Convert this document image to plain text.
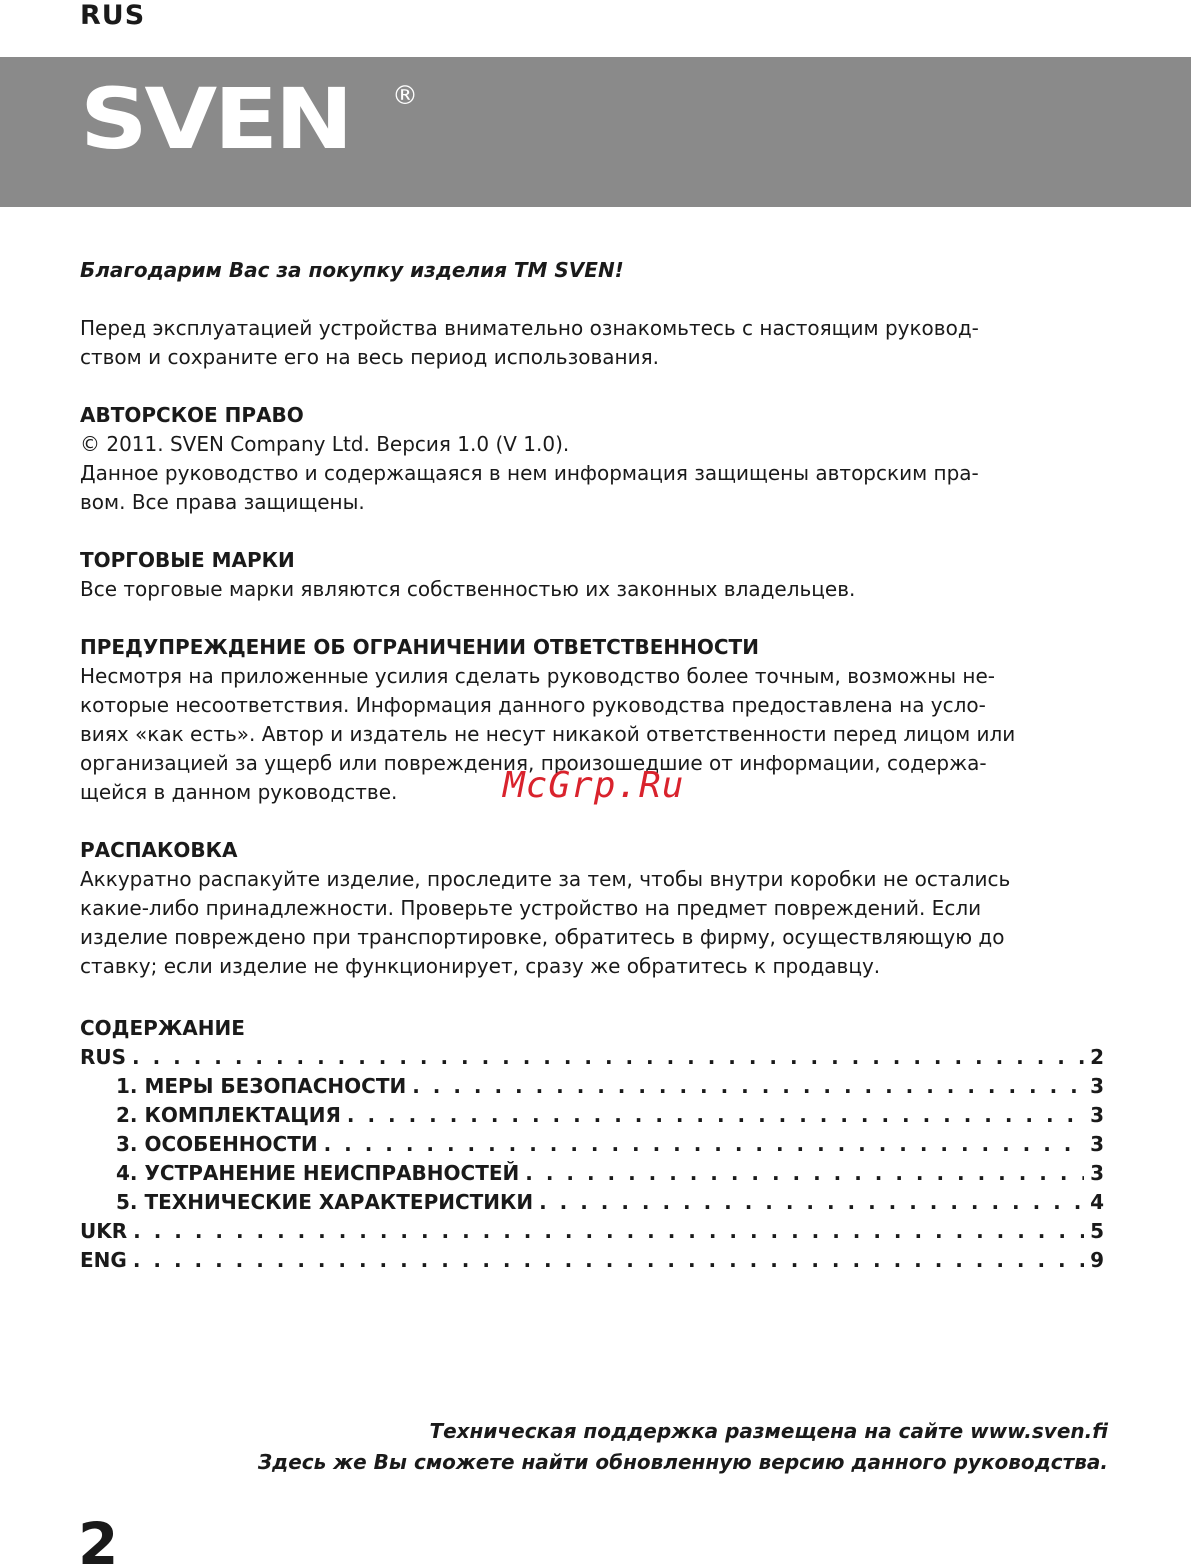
RUS
SVEN ®
Благодарим Вас за покупку изделия ТМ SVEN!
Перед эксплуатацией устройства внимательно ознакомьтесь с настоящим руковод-
ством и сохраните его на весь период использования.
АВТОРСКОЕ ПРАВО
© 2011. SVEN Company Ltd. Версия 1.0 (V 1.0).
Данное руководство и содержащаяся в нем информация защищены авторским пра-
вом. Все права защищены.
ТОРГОВЫЕ МАРКИ
Все торговые марки являются собственностью их законных владельцев.
ПРЕДУПРЕЖДЕНИЕ ОБ ОГРАНИЧЕНИИ ОТВЕТСТВЕННОСТИ
Несмотря на приложенные усилия сделать руководство более точным, возможны не-
которые несоответствия. Информация данного руководства предоставлена на усло-
виях «как есть». Автор и издатель не несут никакой ответственности перед лицом или
организацией за ущерб или повреждения, произошедшие от информации, содержа-
щейся в данном руководстве.
РАСПАКОВКА
Аккуратно распакуйте изделие, проследите за тем, чтобы внутри коробки не остались
какие-либо принадлежности. Проверьте устройство на предмет повреждений. Если
изделие повреждено при транспортировке, обратитесь в фирму, осуществляющую до
ставку; если изделие не функционирует, сразу же обратитесь к продавцу.
СОДЕРЖАНИЕ
RUS . . .	2
1. МЕРЫ БЕЗОПАСНОСТИ . . .	3
2. КОМПЛЕКТАЦИЯ . . .	3
3. ОСОБЕННОСТИ . . .	3
4. УСТРАНЕНИЕ НЕИСПРАВНОСТЕЙ . . .	3
5. ТЕХНИЧЕСКИЕ ХАРАКТЕРИСТИКИ . . .	4
UKR . . .	5
ENG . . .	9
McGrp.Ru
Техническая поддержка размещена на сайте www.sven.fi
Здесь же Вы сможете найти обновленную версию данного руководства.
2
